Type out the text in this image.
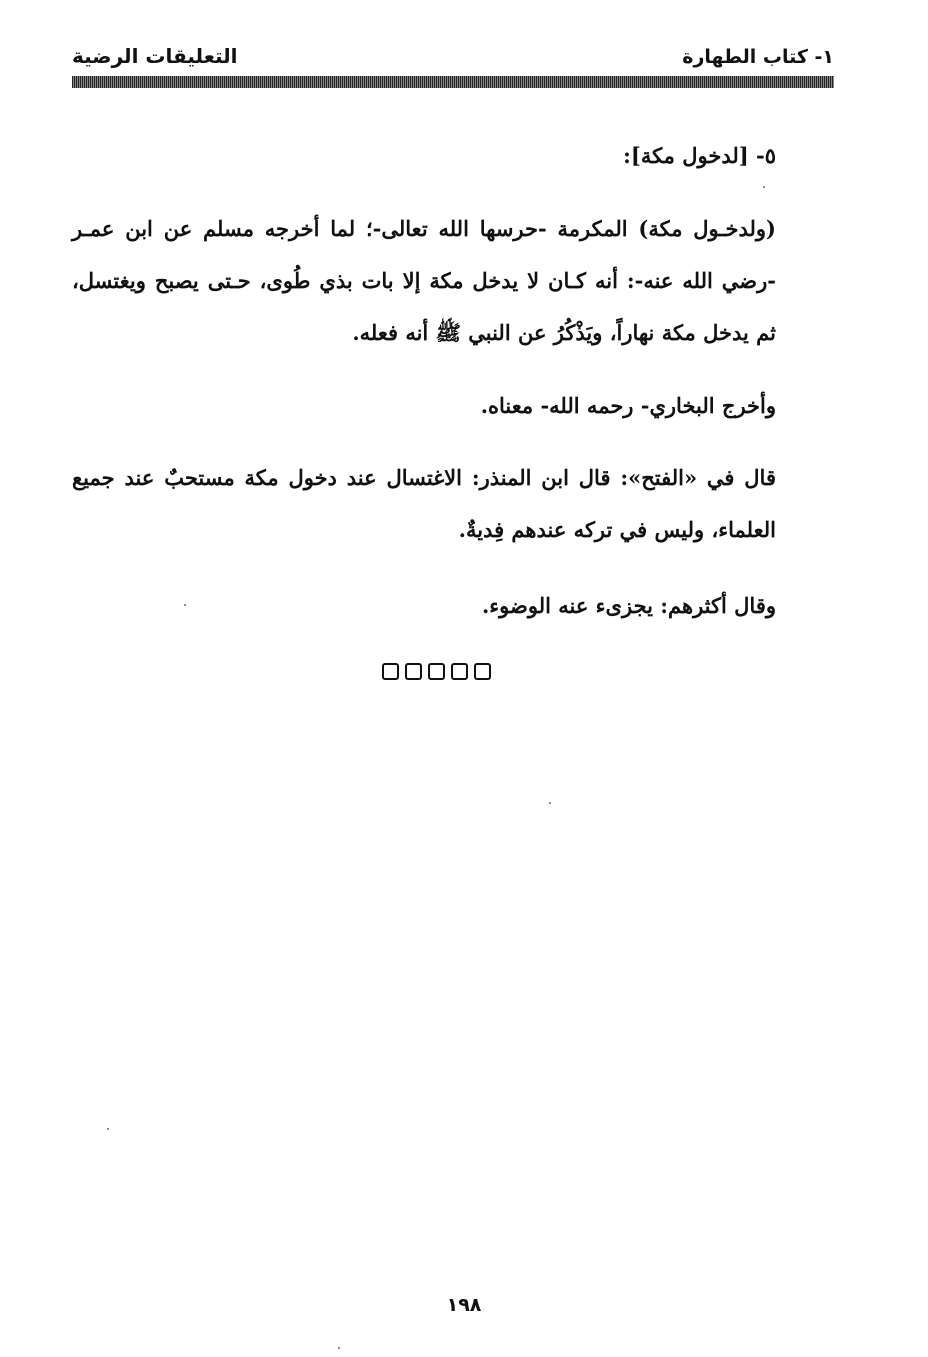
١- كتاب الطهارة
التعليقات الرضية

٥- [لدخول مكة]:

(ولدخـول مكة) المكرمة -حرسها الله تعالى-؛ لما أخرجه مسلم عن ابن عمـر -رضي الله عنه-: أنه كـان لا يدخل مكة إلا بات بذي طُوى، حـتى يصبح ويغتسل، ثم يدخل مكة نهاراً، ويَذْكُرُ عن النبي ﷺ أنه فعله.

وأخرج البخاري- رحمه الله- معناه.

قال في «الفتح»: قال ابن المنذر: الاغتسال عند دخول مكة مستحبٌ عند جميع العلماء، وليس في تركه عندهم فِديةٌ.

وقال أكثرهم: يجزىء عنه الوضوء.

١٩٨
